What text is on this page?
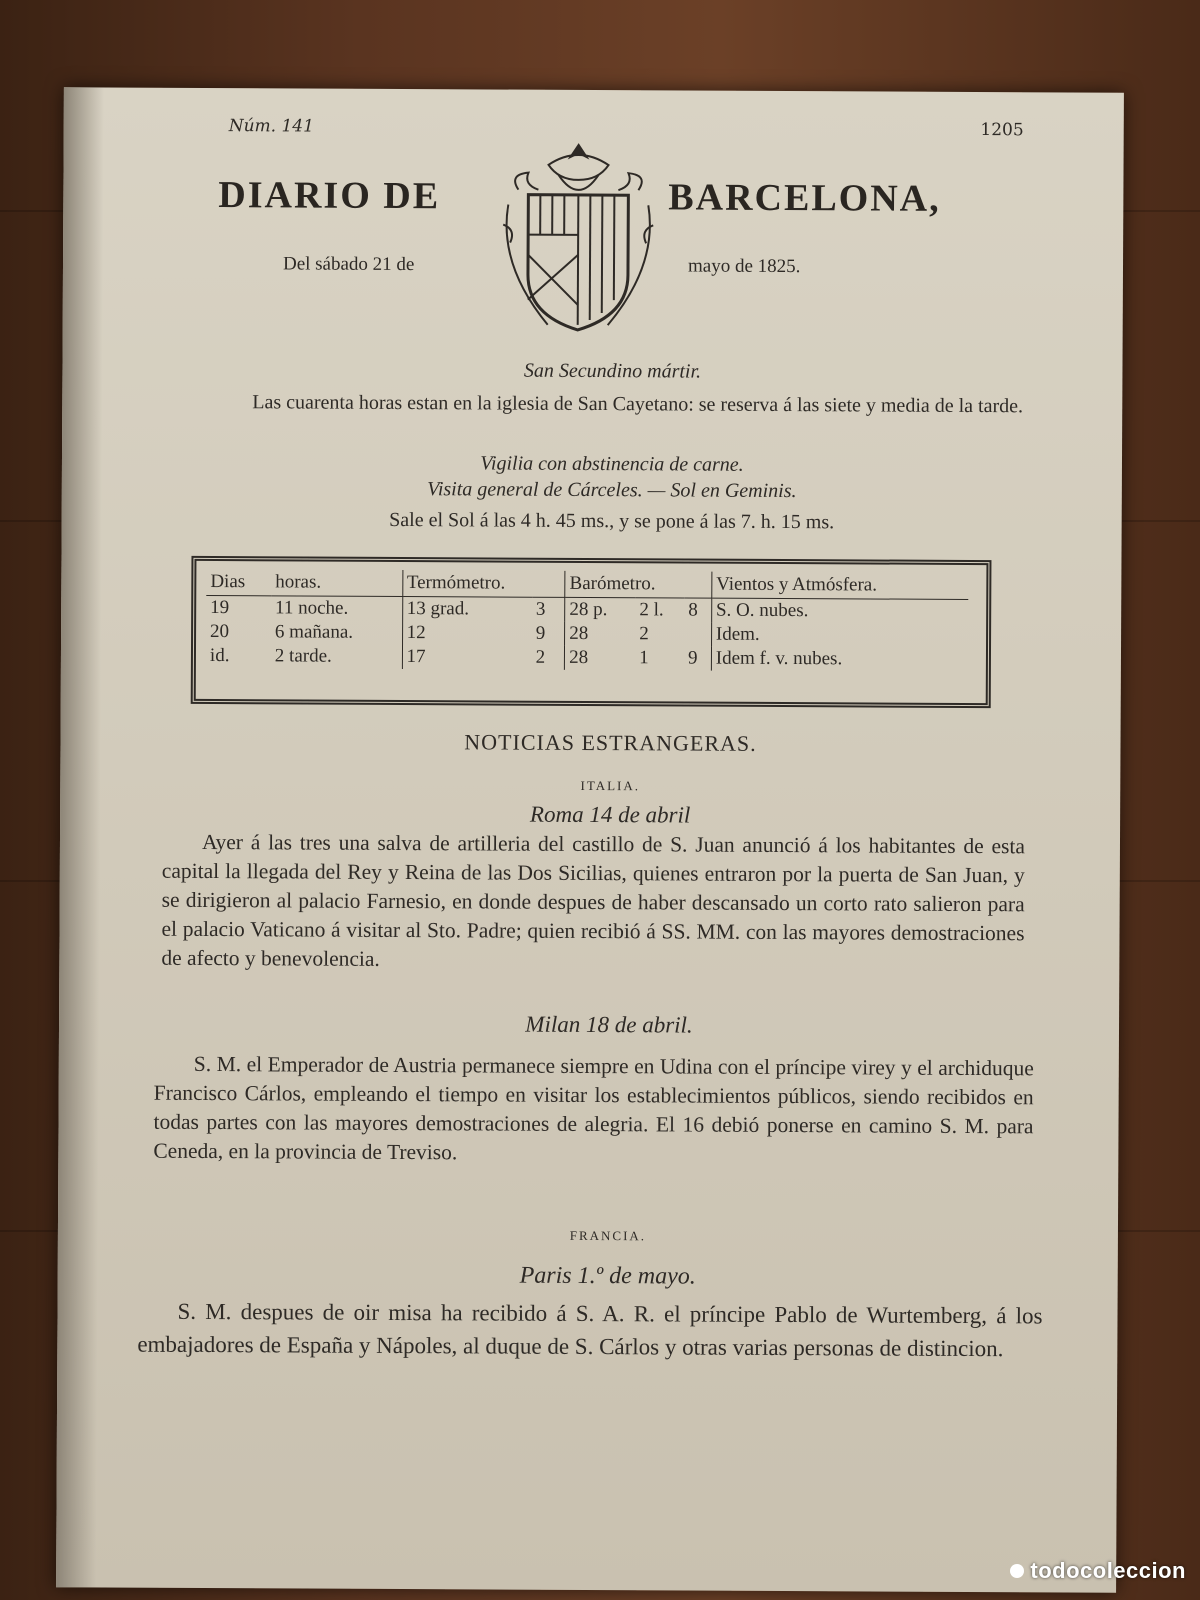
Núm. 141	1205
DIARIO DE	BARCELONA,
Del sábado 21 de	mayo de 1825.
San Secundino mártir.
Las cuarenta horas estan en la iglesia de San Cayetano: se reserva á las siete y media de la tarde.
Vigilia con abstinencia de carne.
Visita general de Cárceles. — Sol en Geminis.
Sale el Sol á las 4 h. 45 ms., y se pone á las 7. h. 15 ms.
Dias	horas.	Termómetro.		Barómetro.			Vientos y Atmósfera.
19	11 noche.	13 grad.	3	28 p.	2 l.	8	S. O. nubes.
20	6 mañana.	12	9	28	2		Idem.
id.	2 tarde.	17	2	28	1	9	Idem f. v. nubes.
NOTICIAS ESTRANGERAS.
ITALIA.
Roma 14 de abril
Ayer á las tres una salva de artilleria del castillo de S. Juan anunció á los habitantes de esta capital la llegada del Rey y Reina de las Dos Sicilias, quienes entraron por la puerta de San Juan, y se dirigieron al palacio Farnesio, en donde despues de haber descansado un corto rato salieron para el palacio Vaticano á visitar al Sto. Padre; quien recibió á SS. MM. con las mayores demostraciones de afecto y benevolencia.
Milan 18 de abril.
S. M. el Emperador de Austria permanece siempre en Udina con el príncipe virey y el archiduque Francisco Cárlos, empleando el tiempo en visitar los establecimientos públicos, siendo recibidos en todas partes con las mayores demostraciones de alegria. El 16 debió ponerse en camino S. M. para Ceneda, en la provincia de Treviso.
FRANCIA.
Paris 1.º de mayo.
S. M. despues de oir misa ha recibido á S. A. R. el príncipe Pablo de Wurtemberg, á los embajadores de España y Nápoles, al duque de S. Cárlos y otras varias personas de distincion.
todocoleccion
